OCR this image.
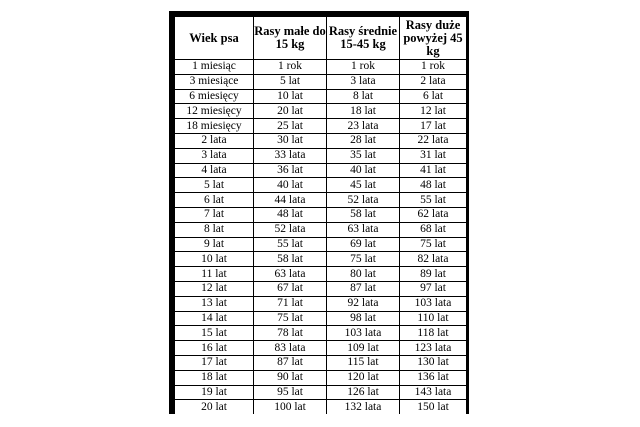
Wiek psa	Rasy małe do 15 kg	Rasy średnie 15-45 kg	Rasy duże powyżej 45 kg
1 miesiąc	1 rok	1 rok	1 rok
3 miesiące	5 lat	3 lata	2 lata
6 miesięcy	10 lat	8 lat	6 lat
12 miesięcy	20 lat	18 lat	12 lat
18 miesięcy	25 lat	23 lata	17 lat
2 lata	30 lat	28 lat	22 lata
3 lata	33 lata	35 lat	31 lat
4 lata	36 lat	40 lat	41 lat
5 lat	40 lat	45 lat	48 lat
6 lat	44 lata	52 lata	55 lat
7 lat	48 lat	58 lat	62 lata
8 lat	52 lata	63 lata	68 lat
9 lat	55 lat	69 lat	75 lat
10 lat	58 lat	75 lat	82 lata
11 lat	63 lata	80 lat	89 lat
12 lat	67 lat	87 lat	97 lat
13 lat	71 lat	92 lata	103 lata
14 lat	75 lat	98 lat	110 lat
15 lat	78 lat	103 lata	118 lat
16 lat	83 lata	109 lat	123 lata
17 lat	87 lat	115 lat	130 lat
18 lat	90 lat	120 lat	136 lat
19 lat	95 lat	126 lat	143 lata
20 lat	100 lat	132 lata	150 lat
